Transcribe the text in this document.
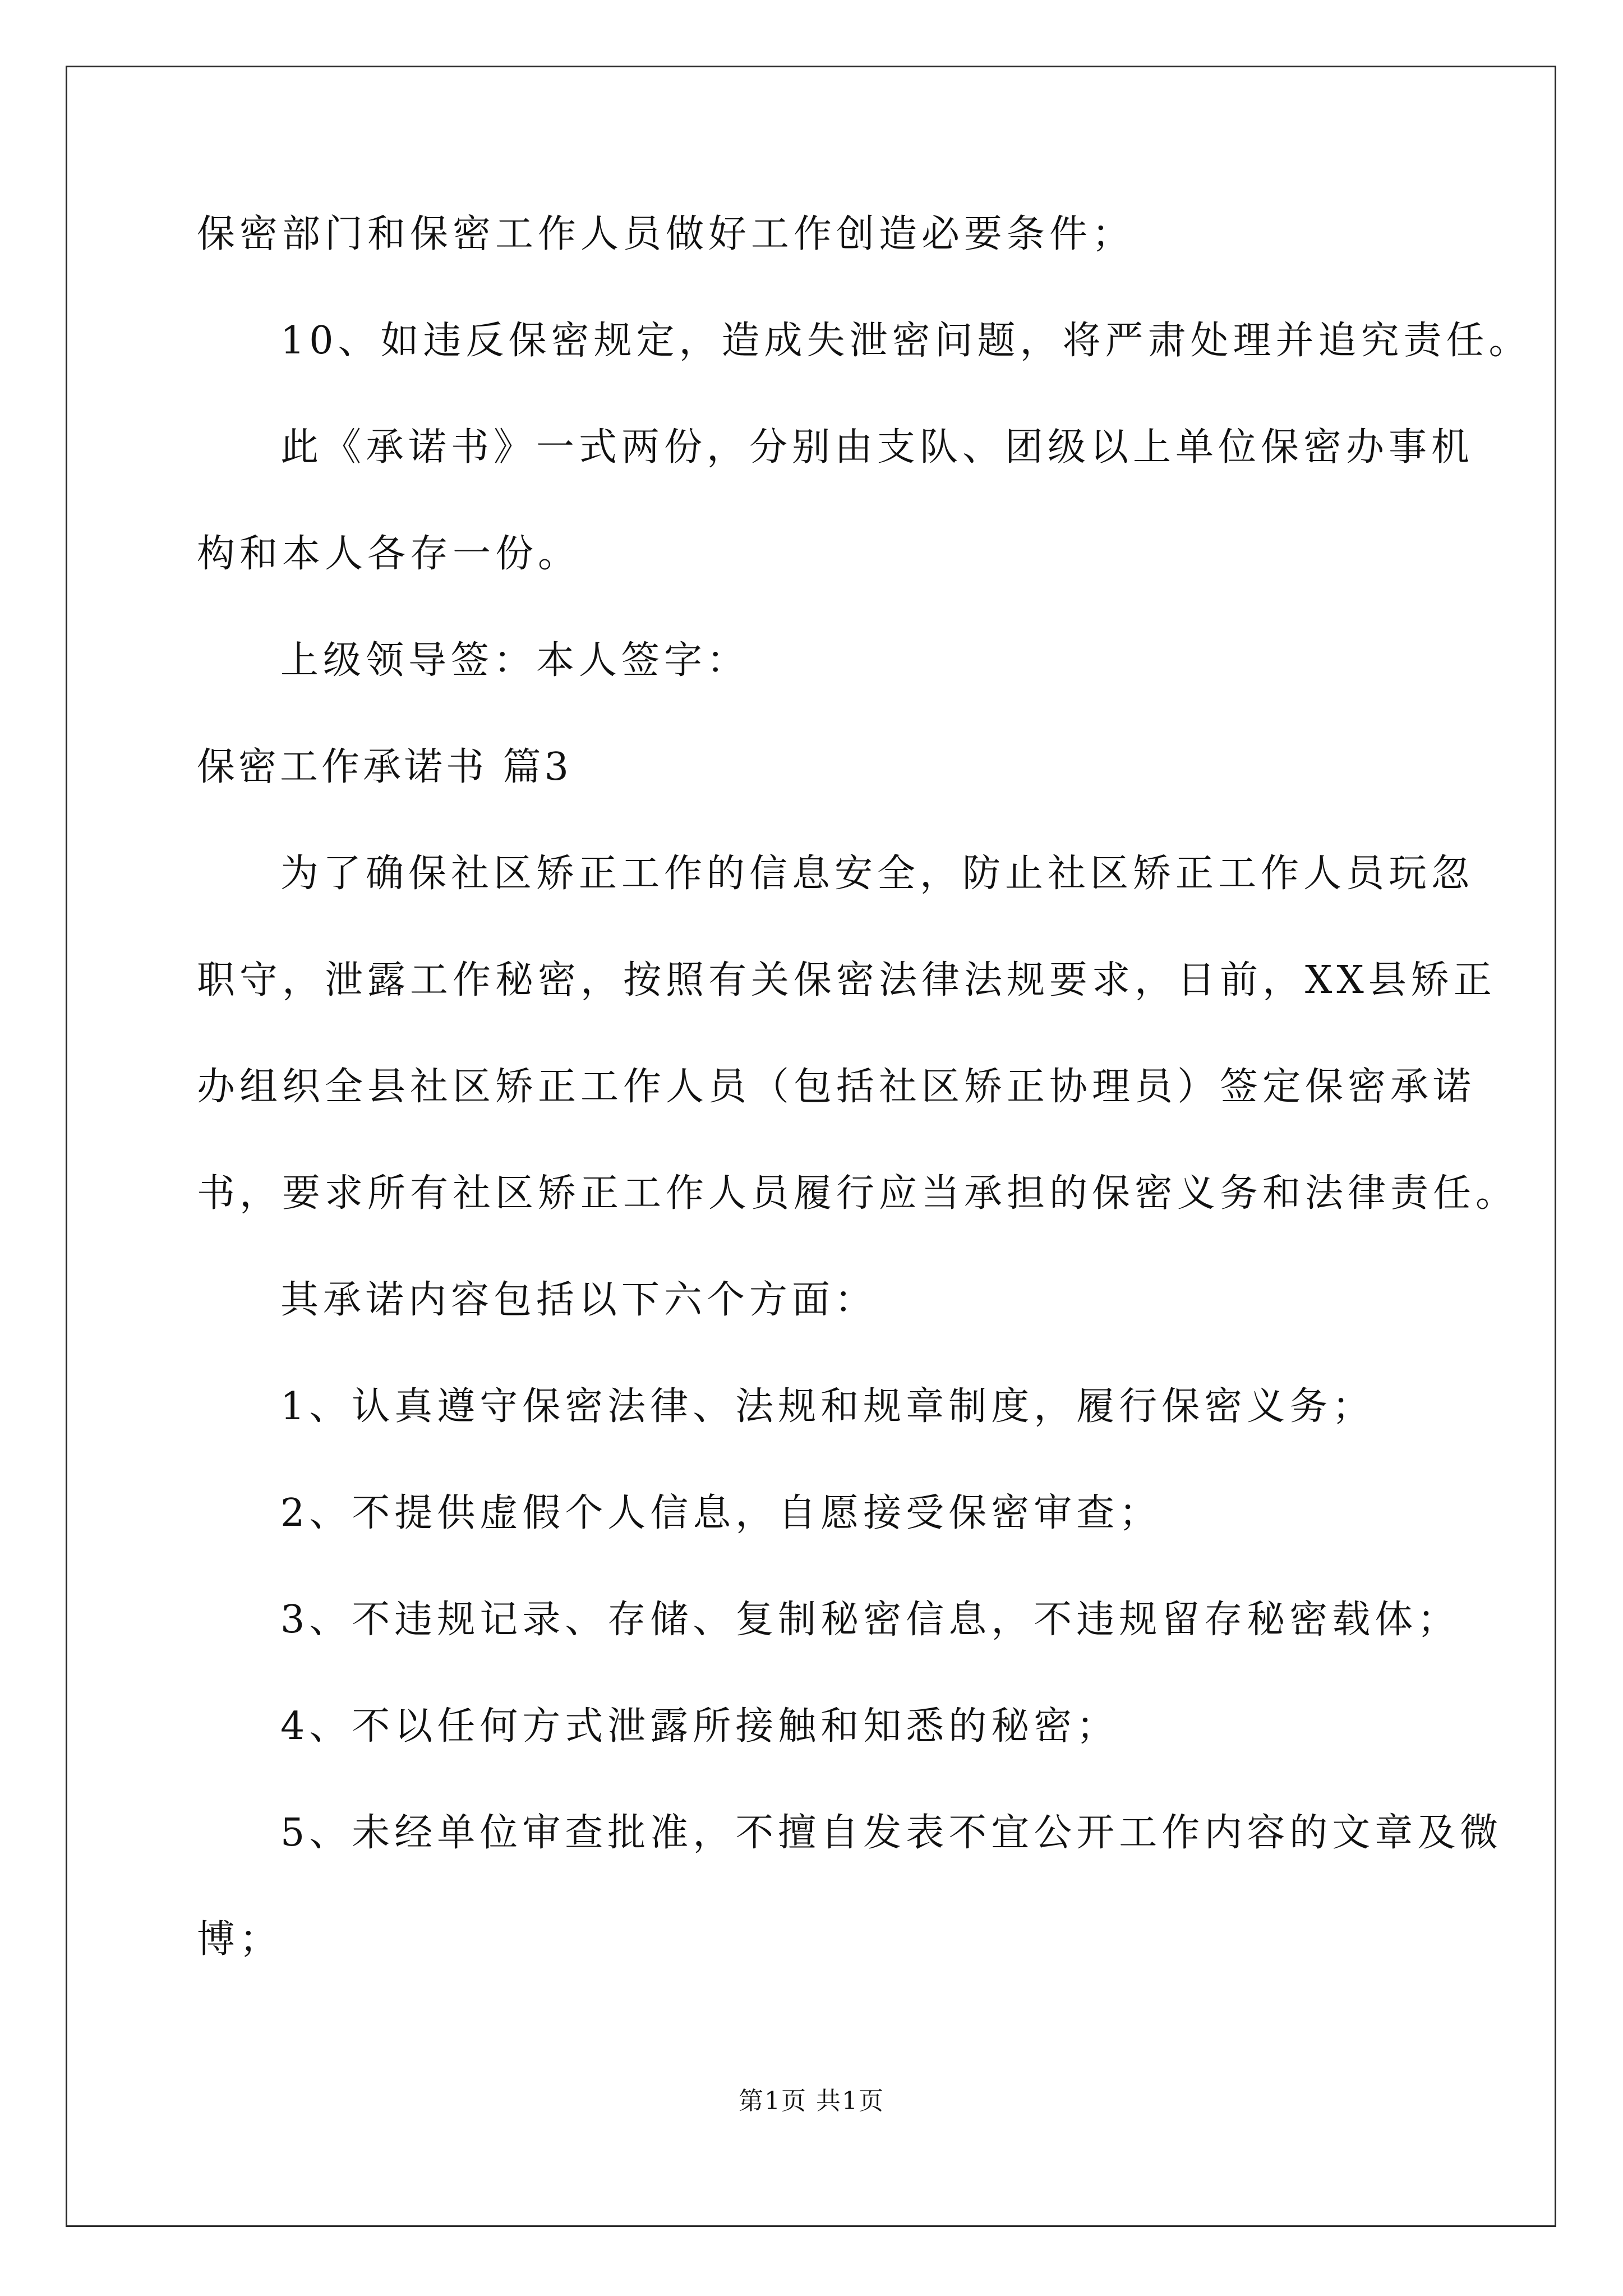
保密部门和保密工作人员做好工作创造必要条件；
10、如违反保密规定，造成失泄密问题，将严肃处理并追究责任。
此《承诺书》一式两份，分别由支队、团级以上单位保密办事机
构和本人各存一份。
上级领导签：本人签字：
保密工作承诺书 篇3
为了确保社区矫正工作的信息安全，防止社区矫正工作人员玩忽
职守，泄露工作秘密，按照有关保密法律法规要求，日前，XX县矫正
办组织全县社区矫正工作人员（包括社区矫正协理员）签定保密承诺
书，要求所有社区矫正工作人员履行应当承担的保密义务和法律责任。
其承诺内容包括以下六个方面：
1、认真遵守保密法律、法规和规章制度，履行保密义务；
2、不提供虚假个人信息，自愿接受保密审查；
3、不违规记录、存储、复制秘密信息，不违规留存秘密载体；
4、不以任何方式泄露所接触和知悉的秘密；
5、未经单位审查批准，不擅自发表不宜公开工作内容的文章及微
博；
第1页 共1页
